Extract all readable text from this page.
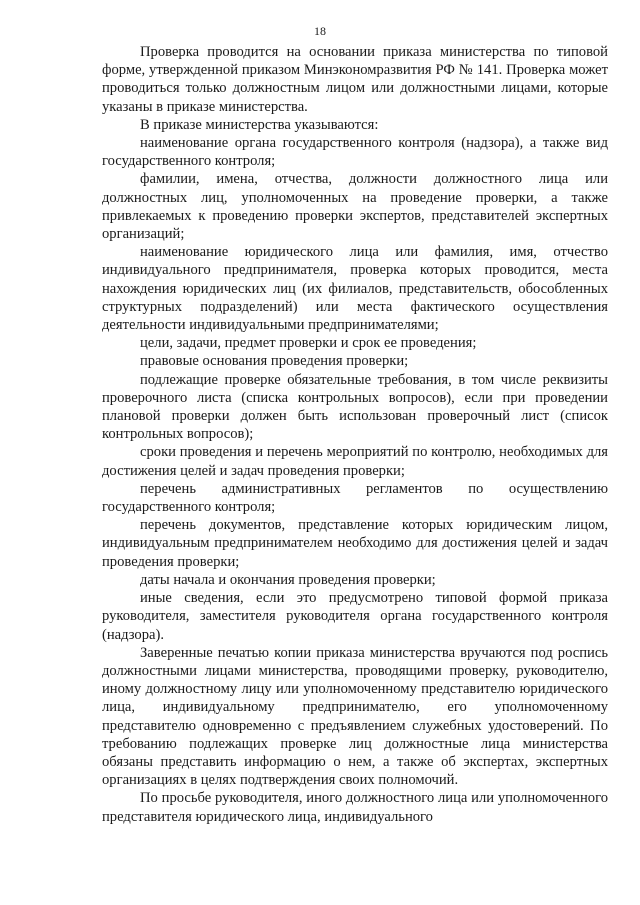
18

Проверка проводится на основании приказа министерства по типовой форме, утвержденной приказом Минэкономразвития РФ № 141. Проверка может проводиться только должностным лицом или должностными лицами, которые указаны в приказе министерства.

В приказе министерства указываются:

наименование органа государственного контроля (надзора), а также вид государственного контроля;

фамилии, имена, отчества, должности должностного лица или должностных лиц, уполномоченных на проведение проверки, а также привлекаемых к проведению проверки экспертов, представителей экспертных организаций;

наименование юридического лица или фамилия, имя, отчество индивидуального предпринимателя, проверка которых проводится, места нахождения юридических лиц (их филиалов, представительств, обособленных структурных подразделений) или места фактического осуществления деятельности индивидуальными предпринимателями;

цели, задачи, предмет проверки и срок ее проведения;

правовые основания проведения проверки;

подлежащие проверке обязательные требования, в том числе реквизиты проверочного листа (списка контрольных вопросов), если при проведении плановой проверки должен быть использован проверочный лист (список контрольных вопросов);

сроки проведения и перечень мероприятий по контролю, необходимых для достижения целей и задач проведения проверки;

перечень административных регламентов по осуществлению государственного контроля;

перечень документов, представление которых юридическим лицом, индивидуальным предпринимателем необходимо для достижения целей и задач проведения проверки;

даты начала и окончания проведения проверки;

иные сведения, если это предусмотрено типовой формой приказа руководителя, заместителя руководителя органа государственного контроля (надзора).

Заверенные печатью копии приказа министерства вручаются под роспись должностными лицами министерства, проводящими проверку, руководителю, иному должностному лицу или уполномоченному представителю юридического лица, индивидуальному предпринимателю, его уполномоченному представителю одновременно с предъявлением служебных удостоверений. По требованию подлежащих проверке лиц должностные лица министерства обязаны представить информацию о нем, а также об экспертах, экспертных организациях в целях подтверждения своих полномочий.

По просьбе руководителя, иного должностного лица или уполномоченного представителя юридического лица, индивидуального
